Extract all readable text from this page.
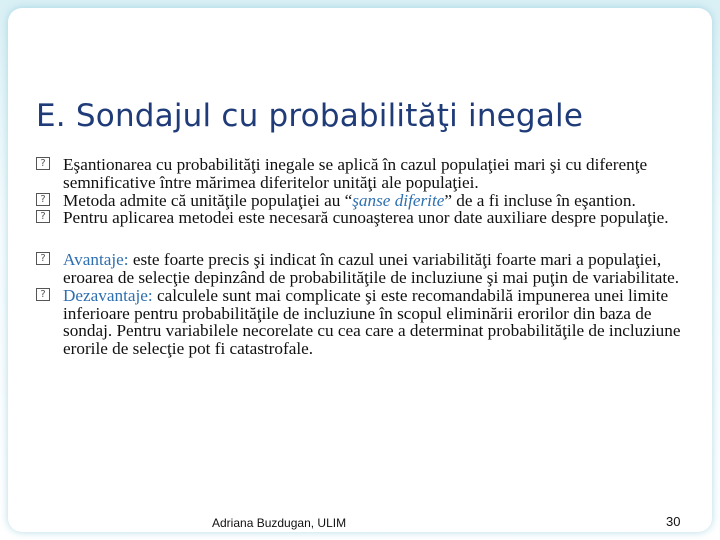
E. Sondajul cu probabilităţi inegale
? Eşantionarea cu probabilităţi inegale se aplică în cazul populaţiei mari şi cu diferenţe semnificative între mărimea diferitelor unităţi ale populaţiei.
? Metoda admite că unităţile populaţiei au “şanse diferite” de a fi incluse în eşantion.
? Pentru aplicarea metodei este necesară cunoaşterea unor date auxiliare despre populaţie.
? Avantaje: este foarte precis şi indicat în cazul unei variabilităţi foarte mari a populaţiei, eroarea de selecţie depinzând de probabilităţile de incluziune şi mai puţin de variabilitate.
? Dezavantaje: calculele sunt mai complicate şi este recomandabilă impunerea unei limite inferioare pentru probabilităţile de incluziune în scopul eliminării erorilor din baza de sondaj. Pentru variabilele necorelate cu cea care a determinat probabilităţile de incluziune erorile de selecţie pot fi catastrofale.
Adriana Buzdugan, ULIM	30
